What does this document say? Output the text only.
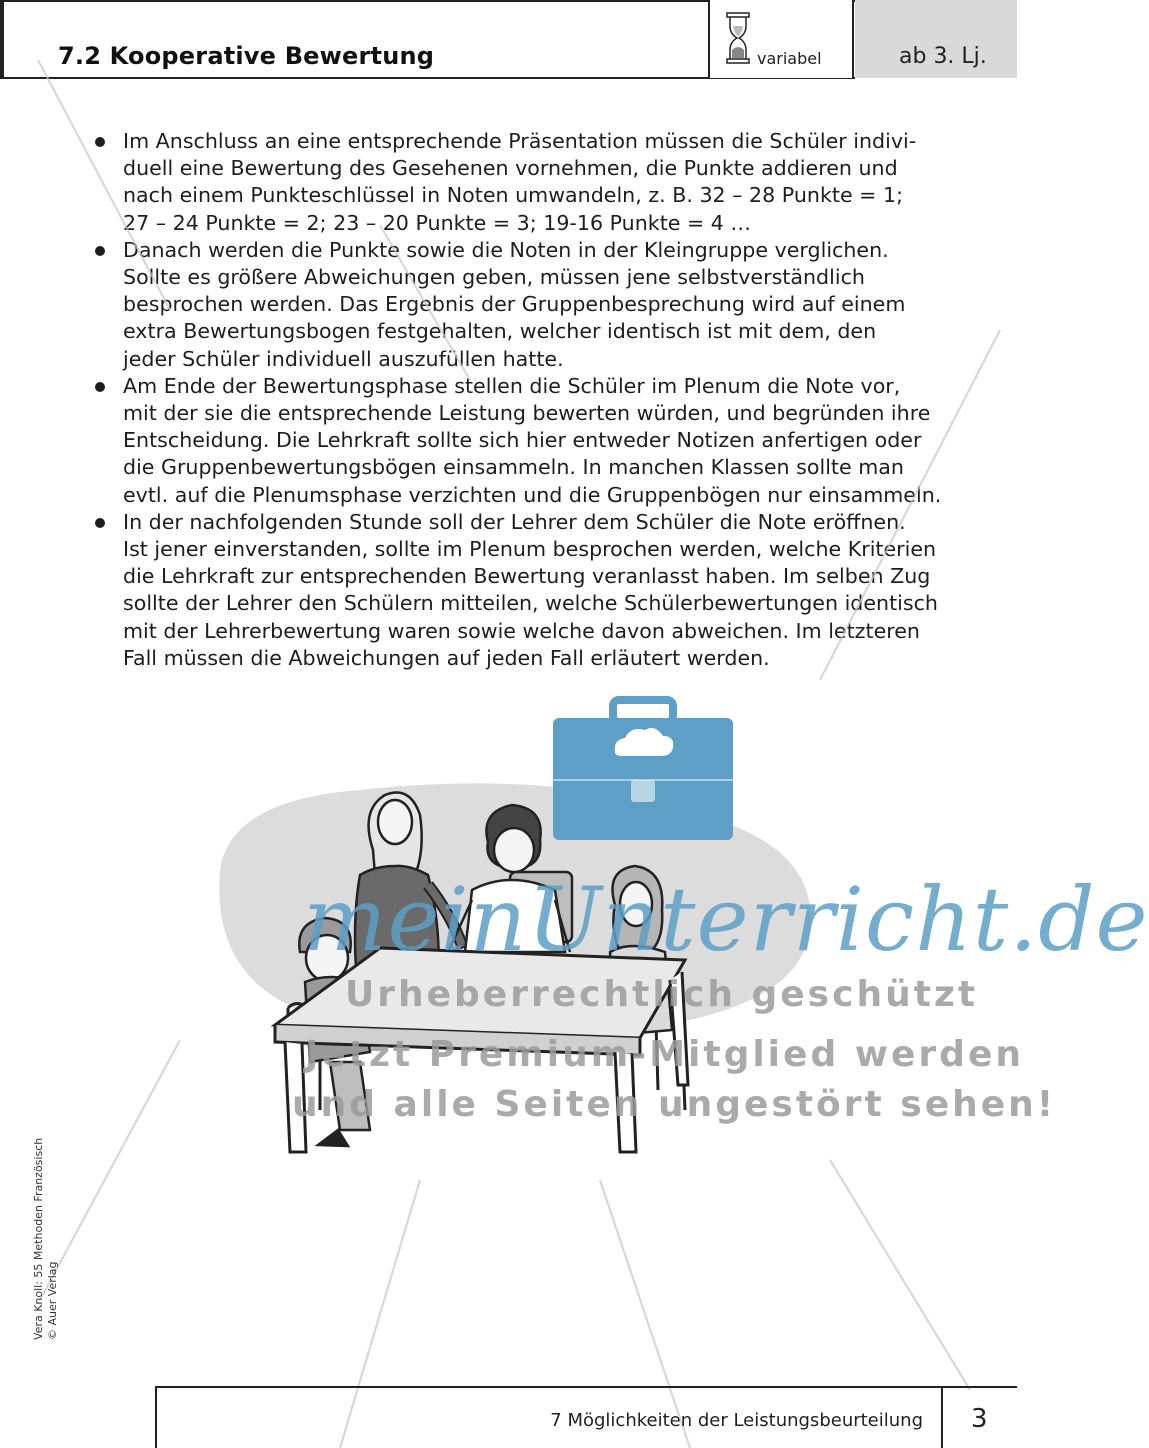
7.2 Kooperative Bewertung	variabel	ab 3. Lj.

Im Anschluss an eine entsprechende Präsentation müssen die Schüler indivi-

duell eine Bewertung des Gesehenen vornehmen, die Punkte addieren und

nach einem Punkteschlüssel in Noten umwandeln, z. B. 32 – 28 Punkte = 1;

27 – 24 Punkte = 2; 23 – 20 Punkte = 3; 19-16 Punkte = 4 …

Danach werden die Punkte sowie die Noten in der Kleingruppe verglichen.

Sollte es größere Abweichungen geben, müssen jene selbstverständlich

besprochen werden. Das Ergebnis der Gruppenbesprechung wird auf einem

extra Bewertungsbogen festgehalten, welcher identisch ist mit dem, den

jeder Schüler individuell auszufüllen hatte.

Am Ende der Bewertungsphase stellen die Schüler im Plenum die Note vor,

mit der sie die entsprechende Leistung bewerten würden, und begründen ihre

Entscheidung. Die Lehrkraft sollte sich hier entweder Notizen anfertigen oder

die Gruppenbewertungsbögen einsammeln. In manchen Klassen sollte man

evtl. auf die Plenumsphase verzichten und die Gruppenbögen nur einsammeln.

In der nachfolgenden Stunde soll der Lehrer dem Schüler die Note eröffnen.

Ist jener einverstanden, sollte im Plenum besprochen werden, welche Kriterien

die Lehrkraft zur entsprechenden Bewertung veranlasst haben. Im selben Zug

sollte der Lehrer den Schülern mitteilen, welche Schülerbewertungen identisch

mit der Lehrerbewertung waren sowie welche davon abweichen. Im letzteren

Fall müssen die Abweichungen auf jeden Fall erläutert werden.

meinUnterricht.de
Urheberrechtlich geschützt
Jetzt Premium-Mitglied werden
und alle Seiten ungestört sehen!
Vera Knoll: 55 Methoden Französisch © Auer Verlag
7 Möglichkeiten der Leistungsbeurteilung 3
